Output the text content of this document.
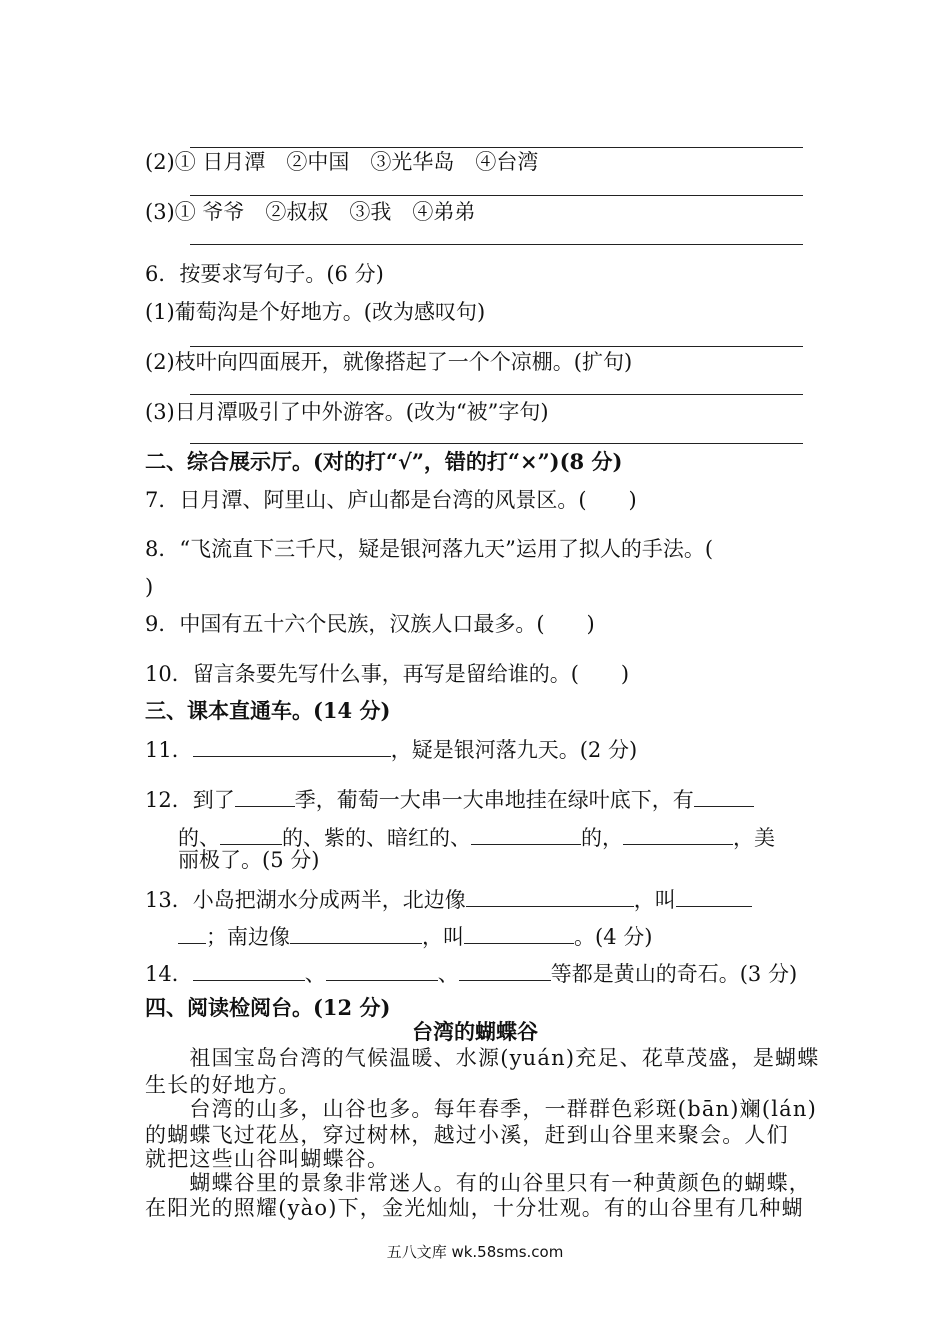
(2)① 日月潭　②中国　③光华岛　④台湾
(3)① 爷爷　②叔叔　③我　④弟弟
6．按要求写句子。(6 分)
(1)葡萄沟是个好地方。(改为感叹句)
(2)枝叶向四面展开，就像搭起了一个个凉棚。(扩句)
(3)日月潭吸引了中外游客。(改为“被”字句)
二、综合展示厅。(对的打“√”，错的打“×”)(8 分)
7．日月潭、阿里山、庐山都是台湾的风景区。(　　)
8．“飞流直下三千尺，疑是银河落九天”运用了拟人的手法。(
)
9．中国有五十六个民族，汉族人口最多。(　　)
10．留言条要先写什么事，再写是留给谁的。(　　)
三、课本直通车。(14 分)
11．	，疑是银河落九天。(2 分)
12．到了	季，葡萄一大串一大串地挂在绿叶底下，有
的、	的、紫的、暗红的、	的，	，美
丽极了。(5 分)
13．小岛把湖水分成两半，北边像	，叫
；南边像	，叫	。(4 分)
14．	、	、	等都是黄山的奇石。(3 分)
四、阅读检阅台。(12 分)
台湾的蝴蝶谷
　　祖国宝岛台湾的气候温暖、水源(yuán)充足、花草茂盛，是蝴蝶
生长的好地方。
　　台湾的山多，山谷也多。每年春季，一群群色彩斑(bān)斓(lán)
的蝴蝶飞过花丛，穿过树林，越过小溪，赶到山谷里来聚会。人们
就把这些山谷叫蝴蝶谷。
　　蝴蝶谷里的景象非常迷人。有的山谷里只有一种黄颜色的蝴蝶，
在阳光的照耀(yào)下，金光灿灿，十分壮观。有的山谷里有几种蝴
五八文库 wk.58sms.com
